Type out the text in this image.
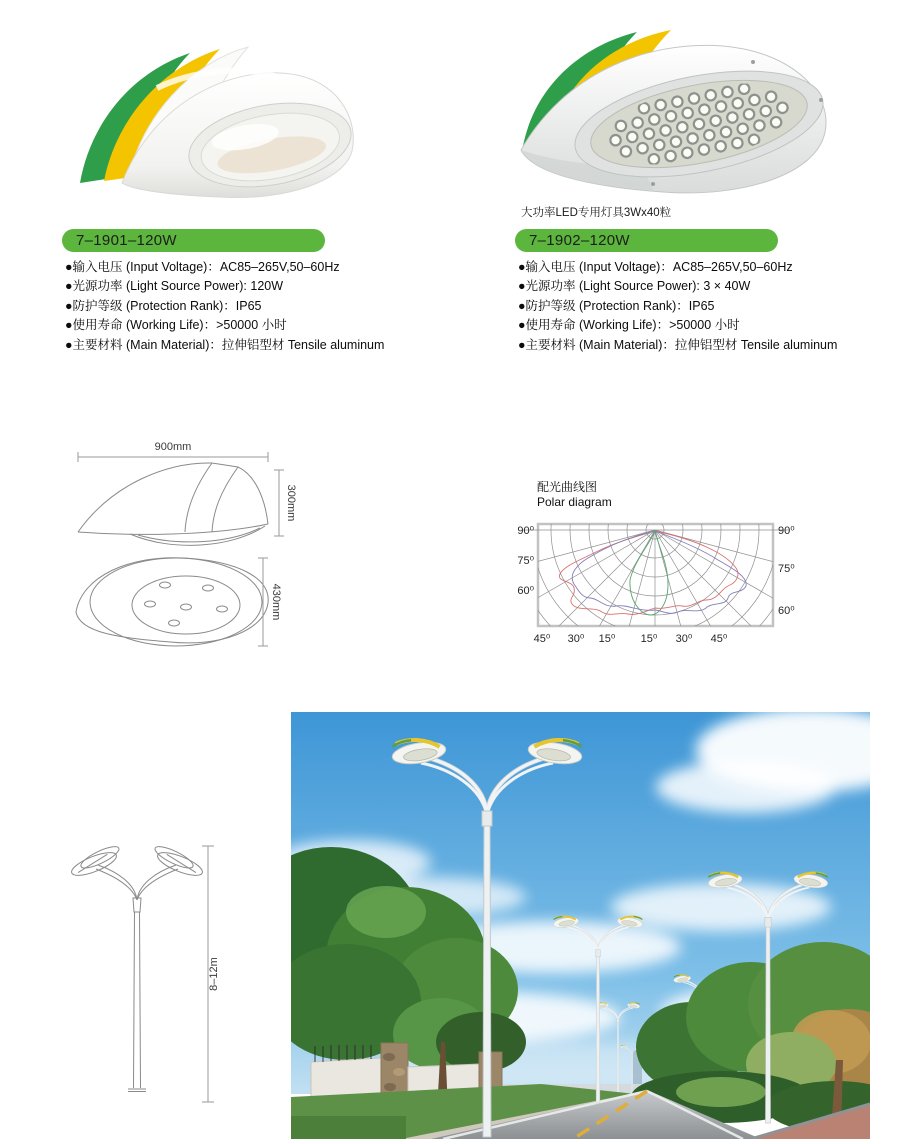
大功率LED专用灯具3Wx40粒
7–1901–120W	7–1902–120W
●输入电压 (Input Voltage)：AC85–265V,50–60Hz
●光源功率 (Light Source Power): 120W
●防护等级 (Protection Rank)：IP65
●使用寿命 (Working Life)：>50000 小时
●主要材料 (Main Material)：拉伸铝型材 Tensile aluminum
●输入电压 (Input Voltage)：AC85–265V,50–60Hz
●光源功率 (Light Source Power): 3 × 40W
●防护等级 (Protection Rank)：IP65
●使用寿命 (Working Life)：>50000 小时
●主要材料 (Main Material)：拉伸铝型材 Tensile aluminum
900mm
300mm
430mm
配光曲线图
Polar diagram
90⁰
75⁰
60⁰
90⁰
75⁰
60⁰
45⁰ 30⁰ 15⁰ 15⁰ 30⁰ 45⁰
8–12m
